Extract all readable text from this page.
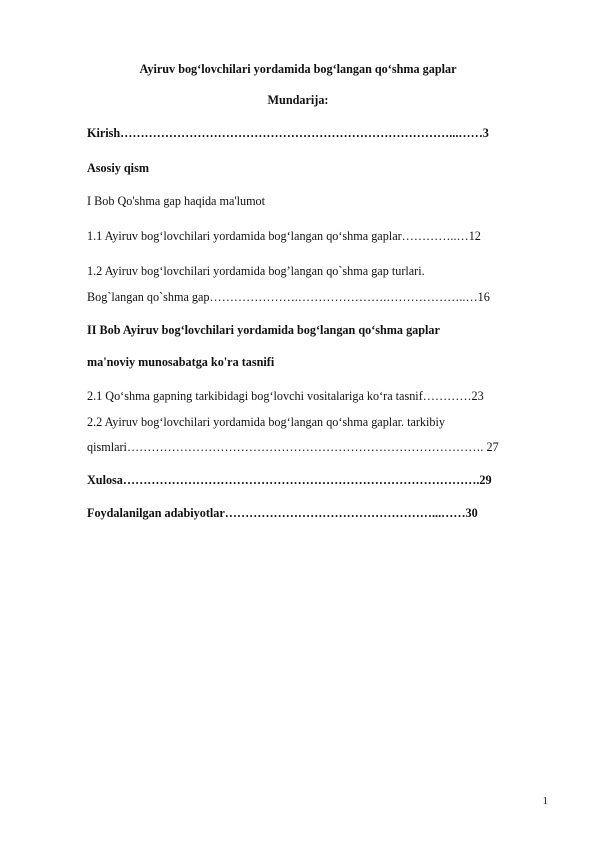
Ayiruv bog‘lovchilari yordamida bog‘langan qo‘shma gaplar
Mundarija:
Kirish………………………………………………………………………...……3
Asosiy qism
I Bob Qo'shma gap haqida ma'lumot
1.1 Ayiruv bog‘lovchilari yordamida bog‘langan qo‘shma gaplar…………..…12
1.2 Ayiruv bog‘lovchilari yordamida bog’langan qo`shma gap turlari.
Bog`langan qo`shma gap………………….………………….………………..…16
II Bob Ayiruv bog‘lovchilari yordamida bog‘langan qo‘shma gaplar
ma'noviy munosabatga ko'ra tasnifi
2.1 Qo‘shma gapning tarkibidagi bog‘lovchi vositalariga ko‘ra tasnif…………23
2.2 Ayiruv bog‘lovchilari yordamida bog‘langan qo‘shma gaplar. tarkibiy
qismlari……………………………………………………………………………. 27
Xulosa…………………………………………………………………………….29
Foydalanilgan adabiyotlar……………………………………………...……30
1
